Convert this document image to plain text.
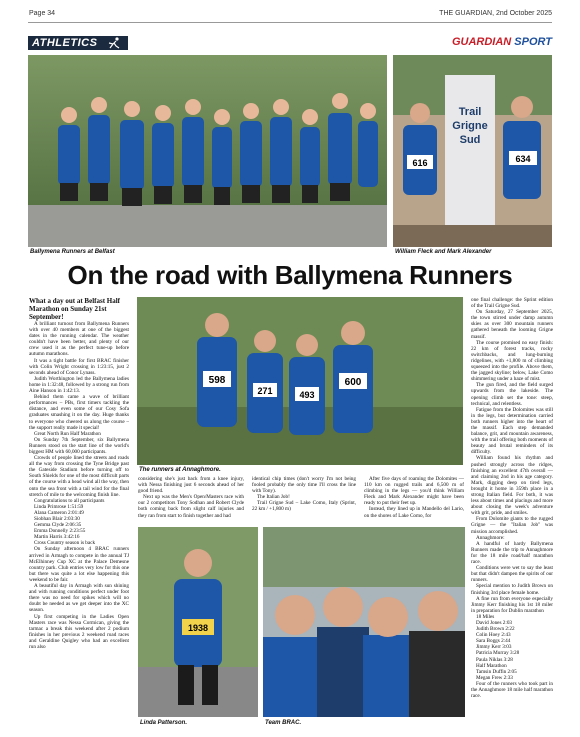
Page 34	THE GUARDIAN, 2nd October 2025
ATHLETICS	GUARDIAN SPORT
Ballymena Runners at Belfast
Trail
Grigne
Sud
616	634
William Fleck and Mark Alexander
On the road with Ballymena Runners

What a day out at Belfast Half Marathon on Sunday 21st September!

A brilliant turnout from Ballymena Runners with over 40 members at one of the biggest dates in the running calendar. The weather couldn't have been better, and plenty of our crew used it as the perfect tune-up before autumn marathons.

It was a tight battle for first BRAC finisher with Colin Wright crossing in 1:23:15, just 2 seconds ahead of Conor Lynass.

Judith Worthington led the Ballymena ladies home in 1:32:48, followed by a strong run from Aine Hanson in 1:42:13.

Behind them came a wave of brilliant performances – PBs, first timers tackling the distance, and even some of our Cosy Sofa graduates smashing it on the day. Huge thanks to everyone who cheered us along the course – the support really made it special!

Great North Run Half Marathon

On Sunday 7th September, six Ballymena Runners stood on the start line of the world's biggest HM with 60,000 participants.

Crowds of people lined the streets and roads all the way from crossing the Tyne Bridge past the Gateside Stadium before turning off to South Shields for one of the most difficult parts of the course with a head wind all the way, then onto the sea front with a tail wind for the final stretch of mile to the welcoming finish line.

Congratulations to all participants

Linda Primrose 1:51:59
Alana Cameron 2:01:49
Siobhan Blair 2:03:30
Gemma Clyde 2:06:35
Emma Donnelly 2:23:55
Martin Harris 3:42:16

Cross Country season is back

On Sunday afternoon 4 BRAC runners arrived in Armagh to compete in the annual TJ McElhinney Cup XC at the Palace Demesne country park. Club entries very low for this one but there was quite a lot else happening this weekend to be fair.

A beautiful day in Armagh with sun shining and with running conditions perfect under foot there was no need for spikes which will no doubt be needed as we get deeper into the XC season.

Up first competing in the Ladies Open Masters race was Nessa Cormican, giving the tarmac a break this weekend after 2 podium finishes in her previous 2 weekend road races and Geraldine Quigley who had an excellent run also

598
271	493
600
The runners at Annaghmore.

considering she's just back from a knee injury, with Nessa finishing just 6 seconds ahead of her good friend.

Next up was the Men's Open/Masters race with our 2 competitors Tony Sodhan and Robert Clyde both coming back from slight calf injuries and they ran from start to finish together and had

identical chip times (don't worry I'm not being fooled probably the only time I'll cross the line with Tony).

The Italian Job!

Trail Grigne Sud – Lake Como, Italy (Sprint, 22 km / +1,800 m)

After five days of roaming the Dolomites — 110 km on rugged trails and 6,500 m of climbing in the legs — you'd think William Fleck and Mark Alexander might have been ready to put their feet up.

Instead, they lined up in Mandello del Lario, on the shores of Lake Como, for

1938
Linda Patterson.	Team BRAC.

one final challenge: the Sprint edition of the Trail Grigne Sud.

On Saturday, 27 September 2025, the town stirred under damp autumn skies as over 300 mountain runners gathered beneath the looming Grigne massif.

The course promised no easy finish: 22 km of forest tracks, rocky switchbacks, and lung-burning ridgelines, with +1,800 m of climbing squeezed into the profile. Above them, the jagged skyline; below, Lake Como shimmering under a haze of mist.

The gun fired, and the field surged upwards from the lakeside. The opening climb set the tone: steep, technical, and relentless.

Fatigue from the Dolomites was still in the legs, but determination carried both runners higher into the heart of the massif. Each step demanded balance, grit, and mountain awareness, with the trail offering both moments of beauty and brutal reminders of its difficulty.

William found his rhythm and pushed strongly across the ridges, finishing an excellent 47th overall — and claiming 2nd in his age category. Mark, digging deep on tired legs, brought it home in 359th place in a strong Italian field. For both, it was less about times and placings and more about closing the week's adventure with grit, pride, and smiles.

From Dolomite giants to the rugged Grigne — the "Italian Job" was mission accomplished.

Annaghmore:

A handful of hardy Ballymena Runners made the trip to Annaghmore for the 18 mile road/half marathon race.

Conditions were wet to say the least but that didn't dampen the spirits of our runners.

Special mention to Judith Brown on finishing 3rd place female home.

A fine run from everyone especially Jimmy Kerr finishing his 1st 18 miler in preparation for Dublin marathon

18 Miles
David Jones 2:03
Judith Brown 2:22
Colin Hoey 2:43
Sara Boggs 2:44
Jimmy Kerr 3:03
Patricia Murray 3:28
Paula Niklas 3:28
Half Marathon
Tamsin Duffin 2:05
Megan Frew 2:33

Four of the runners who took part in the Annaghmore 18 mile half marathon race.
